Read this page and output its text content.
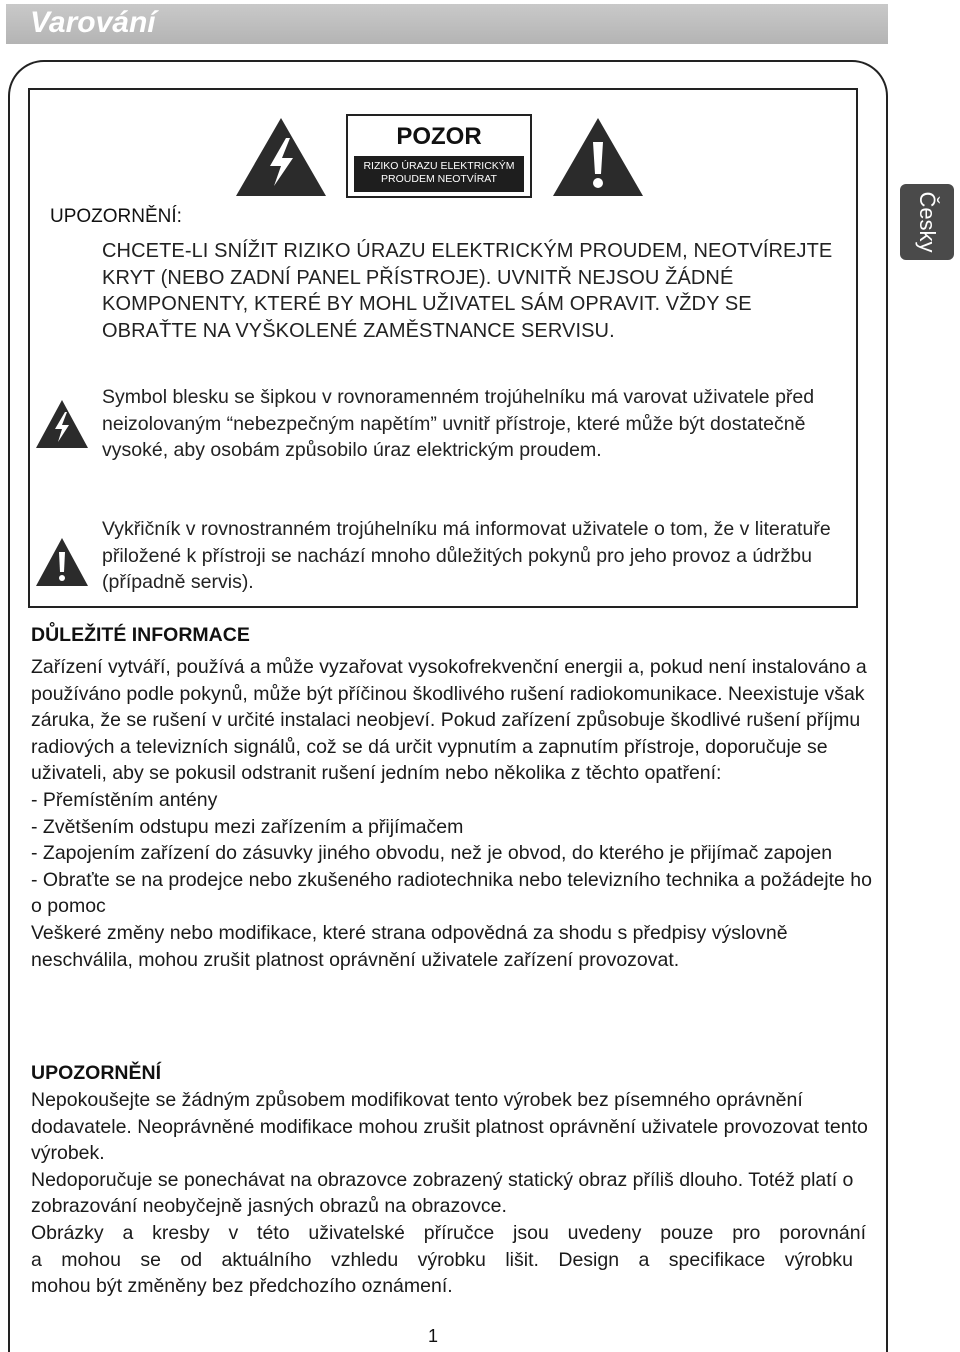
Varování
Česky
POZOR
RIZIKO ÚRAZU ELEKTRICKÝM
PROUDEM NEOTVÍRAT
UPOZORNĚNÍ:
CHCETE-LI SNÍŽIT RIZIKO ÚRAZU ELEKTRICKÝM PROUDEM, NEOTVÍREJTE KRYT (NEBO ZADNÍ PANEL PŘÍSTROJE). UVNITŘ NEJSOU ŽÁDNÉ KOMPONENTY, KTERÉ BY MOHL UŽIVATEL SÁM OPRAVIT. VŽDY SE OBRAŤTE NA VYŠKOLENÉ ZAMĚSTNANCE SERVISU.
Symbol blesku se šipkou v rovnoramenném trojúhelníku má varovat uživatele před neizolovaným “nebezpečným napětím” uvnitř přístroje, které může být dostatečně vysoké, aby osobám způsobilo úraz elektrickým proudem.
Vykřičník v rovnostranném trojúhelníku má informovat uživatele o tom, že v literatuře přiložené k přístroji se nachází mnoho důležitých pokynů pro jeho provoz a údržbu (případně servis).
DŮLEŽITÉ INFORMACE

Zařízení vytváří, používá a může vyzařovat vysokofrekvenční energii a, pokud není instalováno a používáno podle pokynů, může být příčinou škodlivého rušení radiokomunikace. Neexistuje však záruka, že se rušení v určité instalaci neobjeví. Pokud zařízení způsobuje škodlivé rušení příjmu radiových a televizních signálů, což se dá určit vypnutím a zapnutím přístroje, doporučuje se uživateli, aby se pokusil odstranit rušení jedním nebo několika z těchto opatření:

- Přemístěním antény

- Zvětšením odstupu mezi zařízením a přijímačem

- Zapojením zařízení do zásuvky jiného obvodu, než je obvod, do kterého je přijímač zapojen

- Obraťte se na prodejce nebo zkušeného radiotechnika nebo televizního technika a požádejte ho o pomoc

Veškeré změny nebo modifikace, které strana odpovědná za shodu s předpisy výslovně neschválila, mohou zrušit platnost oprávnění uživatele zařízení provozovat.

UPOZORNĚNÍ

Nepokoušejte se žádným způsobem modifikovat tento výrobek bez písemného oprávnění dodavatele. Neoprávněné modifikace mohou zrušit platnost oprávnění uživatele provozovat tento výrobek.

Nedoporučuje se ponechávat na obrazovce zobrazený statický obraz příliš dlouho. Totéž platí o zobrazování neobyčejně jasných obrazů na obrazovce.

Obrázky a kresby v této uživatelské příručce jsou uvedeny pouze pro porovnání

a mohou se od aktuálního vzhledu výrobku lišit. Design a specifikace výrobku

mohou být změněny bez předchozího oznámení.

1
